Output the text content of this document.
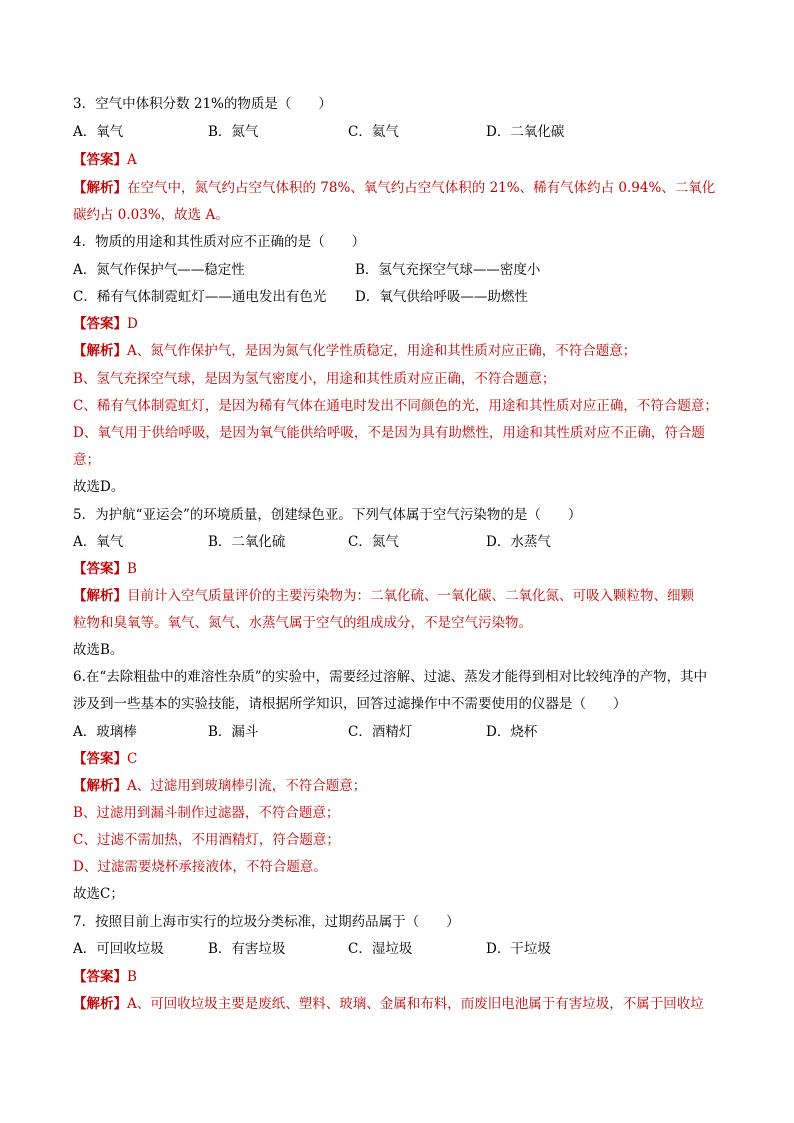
3．空气中体积分数 21%的物质是（　　）
A．氧气	B．氮气	C．氦气	D．二氧化碳
【答案】A
【解析】在空气中，氮气约占空气体积的 78%、氧气约占空气体积的 21%、稀有气体约占 0.94%、二氧化
碳约占 0.03%，故选 A。
4．物质的用途和其性质对应不正确的是（　　）
A．氮气作保护气——稳定性	B．氢气充探空气球——密度小
C．稀有气体制霓虹灯——通电发出有色光 D．氧气供给呼吸——助燃性
【答案】D
【解析】A、氮气作保护气，是因为氮气化学性质稳定，用途和其性质对应正确，不符合题意；
B、氢气充探空气球，是因为氢气密度小，用途和其性质对应正确，不符合题意；
C、稀有气体制霓虹灯，是因为稀有气体在通电时发出不同颜色的光，用途和其性质对应正确，不符合题意；
D、氧气用于供给呼吸，是因为氧气能供给呼吸，不是因为具有助燃性，用途和其性质对应不正确，符合题
意；
故选D。
5．为护航“亚运会”的环境质量，创建绿色亚。下列气体属于空气污染物的是（　　）
A．氧气	B．二氧化硫	C．氮气	D．水蒸气
【答案】B
【解析】目前计入空气质量评价的主要污染物为：二氧化硫、一氧化碳、二氧化氮、可吸入颗粒物、细颗
粒物和臭氧等。氧气、氮气、水蒸气属于空气的组成成分，不是空气污染物。
故选B。
6.在“去除粗盐中的难溶性杂质”的实验中，需要经过溶解、过滤、蒸发才能得到相对比较纯净的产物，其中
涉及到一些基本的实验技能，请根据所学知识，回答过滤操作中不需要使用的仪器是（　　）
A．玻璃棒	B．漏斗	C．酒精灯	D．烧杯
【答案】C
【解析】A、过滤用到玻璃棒引流，不符合题意；
B、过滤用到漏斗制作过滤器，不符合题意；
C、过滤不需加热，不用酒精灯，符合题意；
D、过滤需要烧杯承接液体，不符合题意。
故选C；
7．按照目前上海市实行的垃圾分类标准，过期药品属于（　　）
A．可回收垃圾	B．有害垃圾	C．湿垃圾	D．干垃圾
【答案】B
【解析】A、可回收垃圾主要是废纸、塑料、玻璃、金属和布料，而废旧电池属于有害垃圾，不属于回收垃
